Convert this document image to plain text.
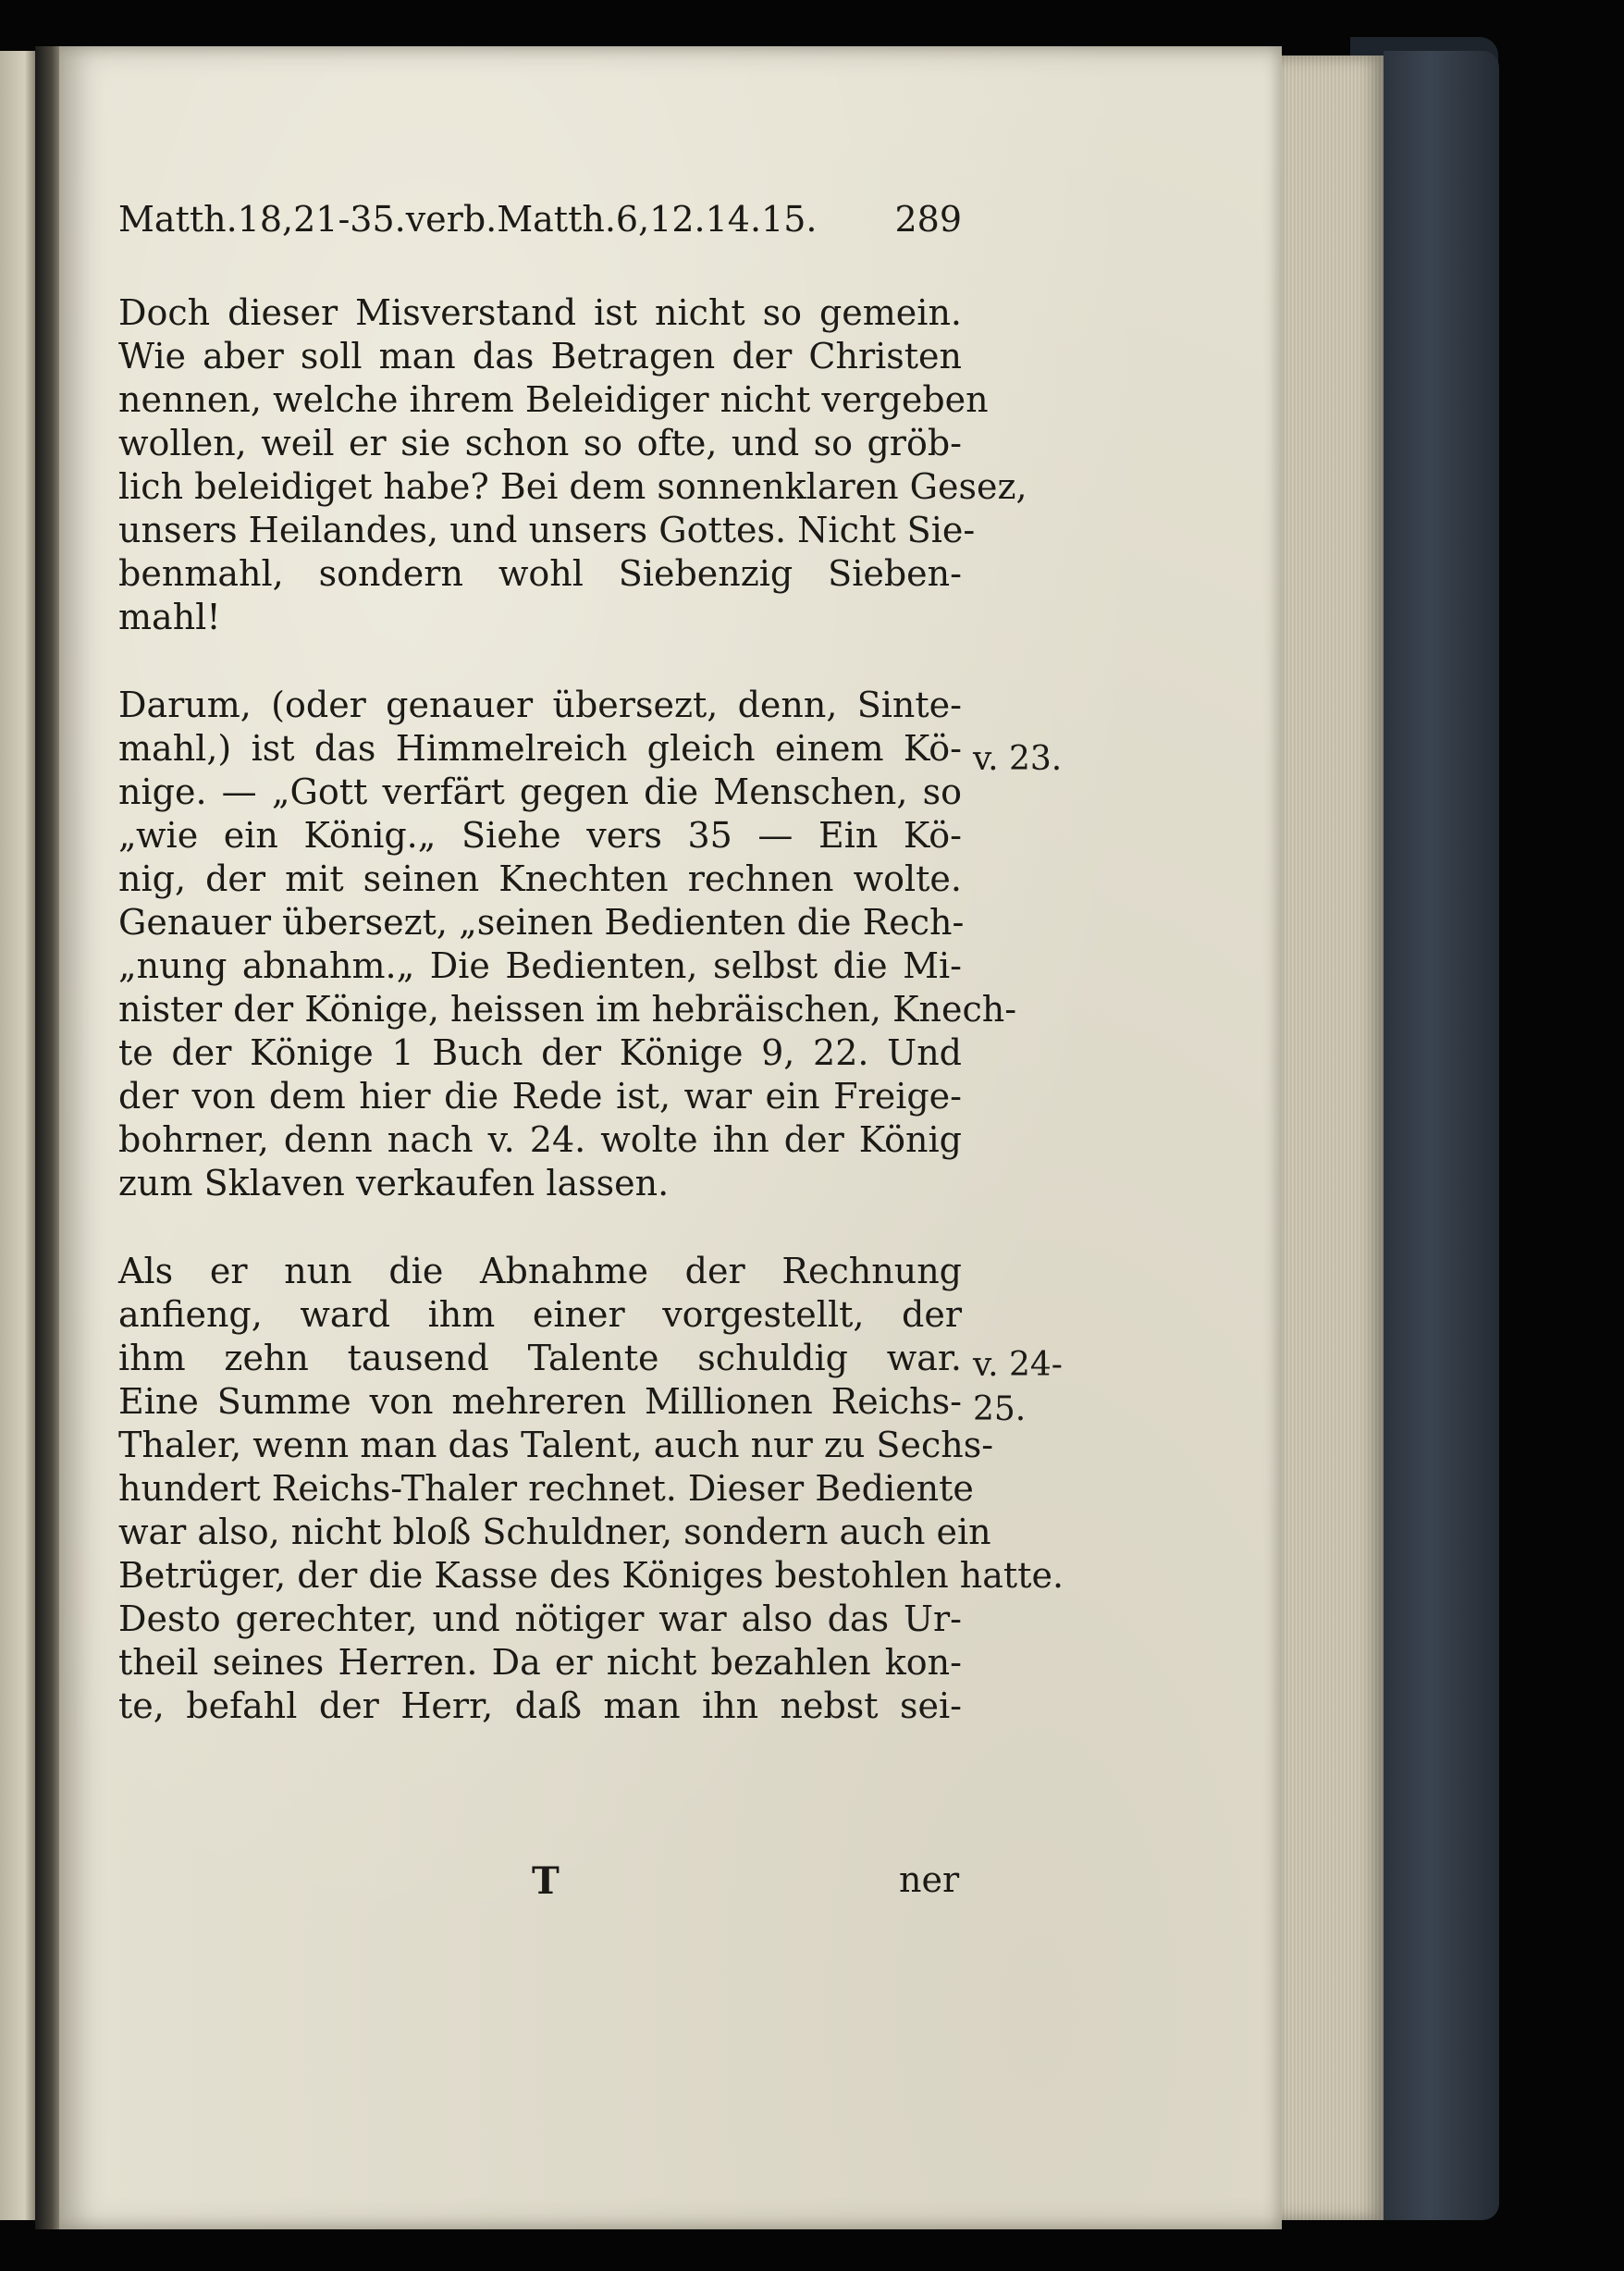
Matth.18,21-35.verb.Matth.6,12.14.15. 289
Doch dieser Misverstand ist nicht so gemein.
Wie aber soll man das Betragen der Christen
nennen, welche ihrem Beleidiger nicht vergeben
wollen, weil er sie schon so ofte, und so gröb-
lich beleidiget habe? Bei dem sonnenklaren Gesez,
unsers Heilandes, und unsers Gottes. Nicht Sie-
benmahl, sondern wohl Siebenzig Sieben-
mahl!
Darum, (oder genauer übersezt, denn, Sinte-
mahl,) ist das Himmelreich gleich einem Kö-
nige. — „Gott verfärt gegen die Menschen, so
„wie ein König.„ Siehe vers 35 — Ein Kö-
nig, der mit seinen Knechten rechnen wolte.
Genauer übersezt, „seinen Bedienten die Rech-
„nung abnahm.„ Die Bedienten, selbst die Mi-
nister der Könige, heissen im hebräischen, Knech-
te der Könige 1 Buch der Könige 9, 22. Und
der von dem hier die Rede ist, war ein Freige-
bohrner, denn nach v. 24. wolte ihn der König
zum Sklaven verkaufen lassen.
Als er nun die Abnahme der Rechnung
anfieng, ward ihm einer vorgestellt, der
ihm zehn tausend Talente schuldig war.
Eine Summe von mehreren Millionen Reichs-
Thaler, wenn man das Talent, auch nur zu Sechs-
hundert Reichs-Thaler rechnet. Dieser Bediente
war also, nicht bloß Schuldner, sondern auch ein
Betrüger, der die Kasse des Königes bestohlen hatte.
Desto gerechter, und nötiger war also das Ur-
theil seines Herren. Da er nicht bezahlen kon-
te, befahl der Herr, daß man ihn nebst sei-
v. 23.
v. 24-
25.
T	ner
